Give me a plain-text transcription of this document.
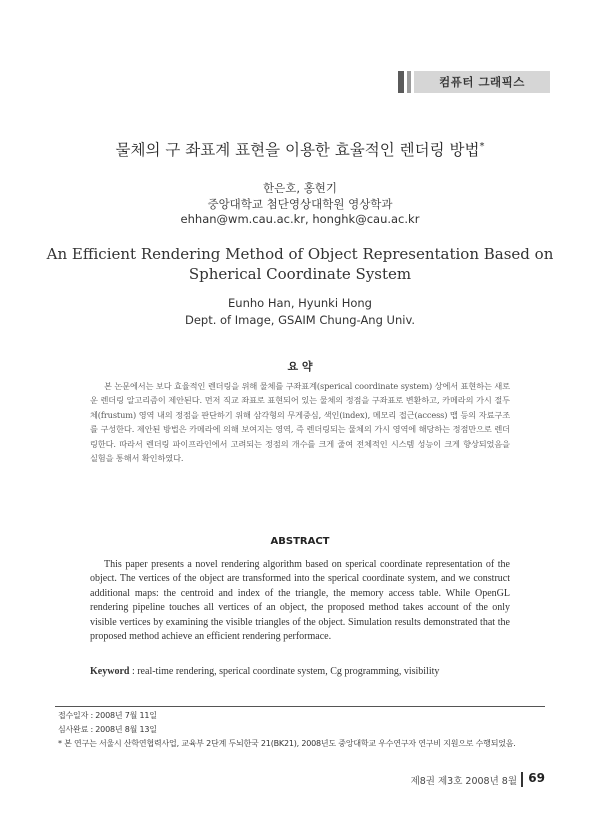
컴퓨터 그래픽스
물체의 구 좌표계 표현을 이용한 효율적인 렌더링 방법*
한은호, 홍현기
중앙대학교 첨단영상대학원 영상학과
ehhan@wm.cau.ac.kr, honghk@cau.ac.kr
An Efficient Rendering Method of Object Representation Based on
Spherical Coordinate System
Eunho Han, Hyunki Hong
Dept. of Image, GSAIM Chung-Ang Univ.
요 약
본 논문에서는 보다 효율적인 렌더링을 위해 물체를 구좌표계(sperical coordinate system) 상에서 표현하는 새로운 렌더링 알고리즘이 제안된다. 먼저 직교 좌표로 표현되어 있는 물체의 정점을 구좌표로 변환하고, 카메라의 가시 절두체(frustum) 영역 내의 정점을 판단하기 위해 삼각형의 무게중심, 색인(index), 메모리 접근(access) 맵 등의 자료구조를 구성한다. 제안된 방법은 카메라에 의해 보여지는 영역, 즉 렌더링되는 물체의 가시 영역에 해당하는 정점만으로 렌더링한다. 따라서 렌더링 파이프라인에서 고려되는 정점의 개수를 크게 줄여 전체적인 시스템 성능이 크게 향상되었음을 실험을 통해서 확인하였다.
ABSTRACT
This paper presents a novel rendering algorithm based on sperical coordinate representation of the object. The vertices of the object are transformed into the sperical coordinate system, and we construct additional maps: the centroid and index of the triangle, the memory access table. While OpenGL rendering pipeline touches all vertices of an object, the proposed method takes account of the only visible vertices by examining the visible triangles of the object. Simulation results demonstrated that the proposed method achieve an efficient rendering performace.
Keyword : real-time rendering, sperical coordinate system, Cg programming, visibility
접수일자 : 2008년 7월 11일
심사완료 : 2008년 8월 13일
* 본 연구는 서울시 산학연협력사업, 교육부 2단계 두뇌한국 21(BK21), 2008년도 중앙대학교 우수연구자 연구비 지원으로 수행되었음.
제8권 제3호 2008년 8월 69
